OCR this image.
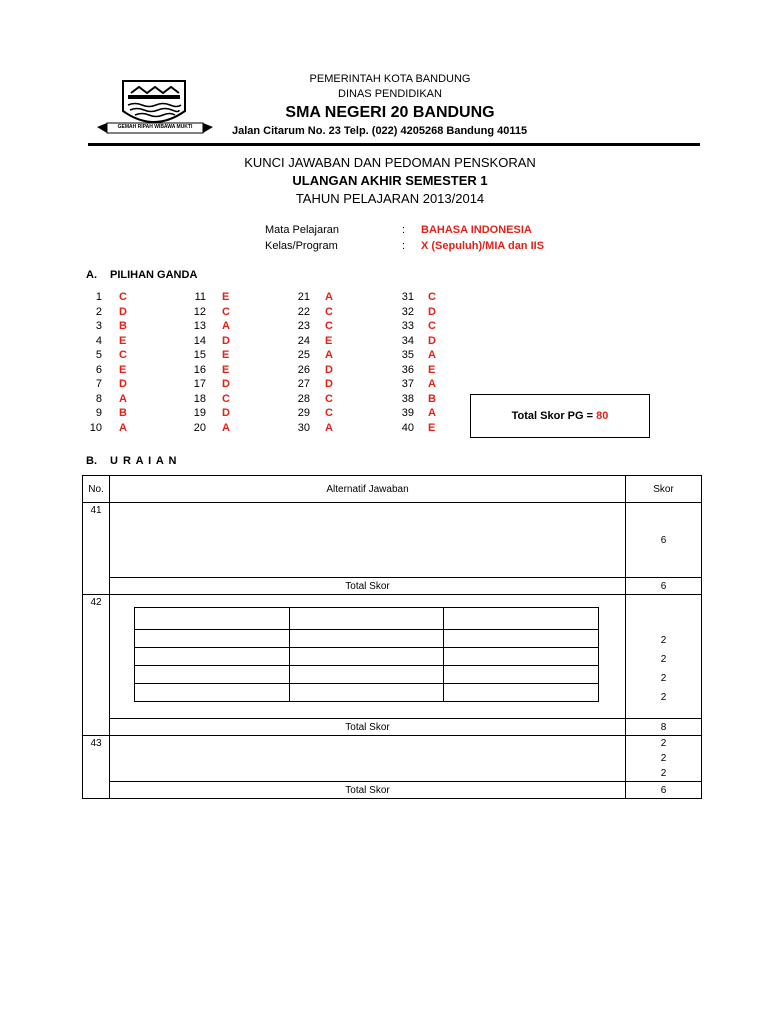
GEMAH RIPAH WIBAWA MUKTI
PEMERINTAH KOTA BANDUNG
DINAS PENDIDIKAN
SMA NEGERI 20 BANDUNG
Jalan Citarum No. 23 Telp. (022) 4205268 Bandung 40115
KUNCI JAWABAN DAN PEDOMAN PENSKORAN
ULANGAN AKHIR SEMESTER 1
TAHUN PELAJARAN 2013/2014
Mata Pelajaran	: BAHASA INDONESIA
Kelas/Program	: X (Sepuluh)/MIA dan IIS
A. PILIHAN GANDA
1 C
2 D
3 B
4 E
5 C
6 E
7 D
8 A
9 B
10 A
11 E
12 C
13 A
14 D
15 E
16 E
17 D
18 C
19 D
20 A
21 A
22 C
23 C
24 E
25 A
26 D
27 D
28 C
29 C
30 A
31 C
32 D
33 C
34 D
35 A
36 E
37 A
38 B
39 A
40 E
Total Skor PG =
80
B. U R A I A N
No.	Alternatif Jawaban	Skor
41		6
Total Skor	6
42	

2
2
2
2

Total Skor	8
43		2
2
2

Total Skor	6
